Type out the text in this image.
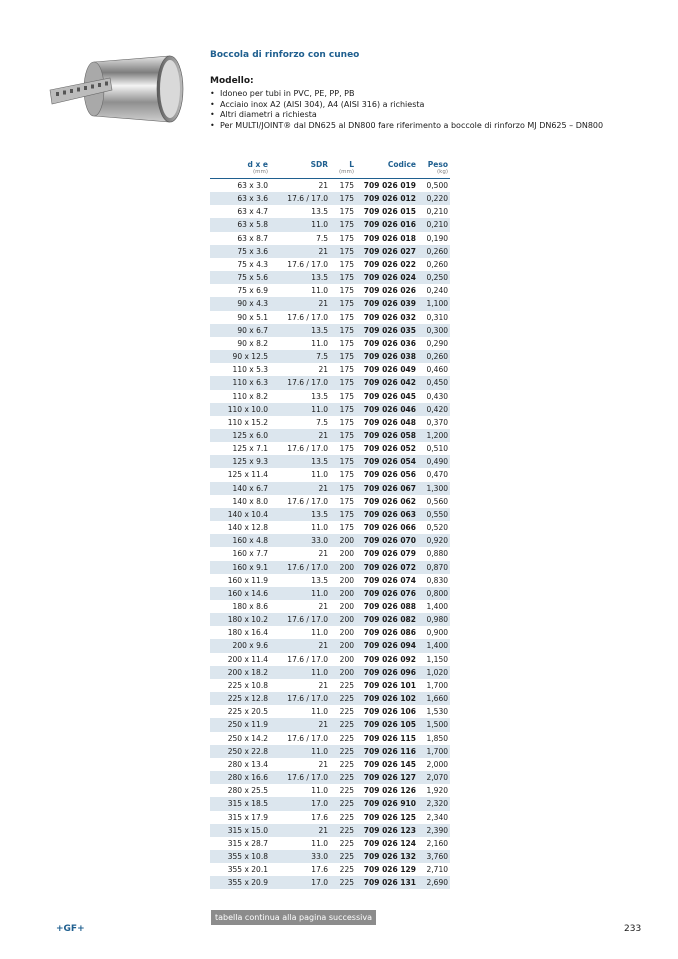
Boccola di rinforzo con cuneo
Modello:
• Idoneo per tubi in PVC, PE, PP, PB
• Acciaio inox A2 (AISI 304), A4 (AISI 316) a richiesta
• Altri diametri a richiesta
• Per MULTI/JOINT® dal DN625 al DN800 fare riferimento a boccole di rinforzo MJ DN625 – DN800
d x e	SDR	L	Codice	Peso
(mm)		(mm)		(kg)
63 x 3.0	21	175	709 026 019	0,500
63 x 3.6	17.6 / 17.0	175	709 026 012	0,220
63 x 4.7	13.5	175	709 026 015	0,210
63 x 5.8	11.0	175	709 026 016	0,210
63 x 8.7	7.5	175	709 026 018	0,190
75 x 3.6	21	175	709 026 027	0,260
75 x 4.3	17.6 / 17.0	175	709 026 022	0,260
75 x 5.6	13.5	175	709 026 024	0,250
75 x 6.9	11.0	175	709 026 026	0,240
90 x 4.3	21	175	709 026 039	1,100
90 x 5.1	17.6 / 17.0	175	709 026 032	0,310
90 x 6.7	13.5	175	709 026 035	0,300
90 x 8.2	11.0	175	709 026 036	0,290
90 x 12.5	7.5	175	709 026 038	0,260
110 x 5.3	21	175	709 026 049	0,460
110 x 6.3	17.6 / 17.0	175	709 026 042	0,450
110 x 8.2	13.5	175	709 026 045	0,430
110 x 10.0	11.0	175	709 026 046	0,420
110 x 15.2	7.5	175	709 026 048	0,370
125 x 6.0	21	175	709 026 058	1,200
125 x 7.1	17.6 / 17.0	175	709 026 052	0,510
125 x 9.3	13.5	175	709 026 054	0,490
125 x 11.4	11.0	175	709 026 056	0,470
140 x 6.7	21	175	709 026 067	1,300
140 x 8.0	17.6 / 17.0	175	709 026 062	0,560
140 x 10.4	13.5	175	709 026 063	0,550
140 x 12.8	11.0	175	709 026 066	0,520
160 x 4.8	33.0	200	709 026 070	0,920
160 x 7.7	21	200	709 026 079	0,880
160 x 9.1	17.6 / 17.0	200	709 026 072	0,870
160 x 11.9	13.5	200	709 026 074	0,830
160 x 14.6	11.0	200	709 026 076	0,800
180 x 8.6	21	200	709 026 088	1,400
180 x 10.2	17.6 / 17.0	200	709 026 082	0,980
180 x 16.4	11.0	200	709 026 086	0,900
200 x 9.6	21	200	709 026 094	1,400
200 x 11.4	17.6 / 17.0	200	709 026 092	1,150
200 x 18.2	11.0	200	709 026 096	1,020
225 x 10.8	21	225	709 026 101	1,700
225 x 12.8	17.6 / 17.0	225	709 026 102	1,660
225 x 20.5	11.0	225	709 026 106	1,530
250 x 11.9	21	225	709 026 105	1,500
250 x 14.2	17.6 / 17.0	225	709 026 115	1,850
250 x 22.8	11.0	225	709 026 116	1,700
280 x 13.4	21	225	709 026 145	2,000
280 x 16.6	17.6 / 17.0	225	709 026 127	2,070
280 x 25.5	11.0	225	709 026 126	1,920
315 x 18.5	17.0	225	709 026 910	2,320
315 x 17.9	17.6	225	709 026 125	2,340
315 x 15.0	21	225	709 026 123	2,390
315 x 28.7	11.0	225	709 026 124	2,160
355 x 10.8	33.0	225	709 026 132	3,760
355 x 20.1	17.6	225	709 026 129	2,710
355 x 20.9	17.0	225	709 026 131	2,690
tabella continua alla pagina successiva
+GF+	233
